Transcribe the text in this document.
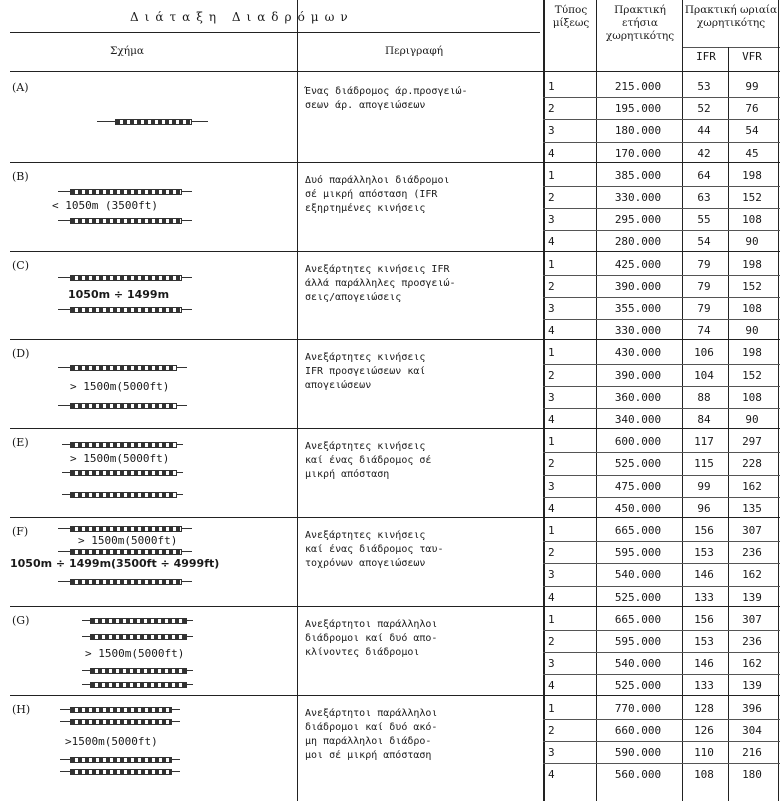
Διάταξη Διαδρόμων
Σχήμα	Περιγραφή
Τύπος μίξεως
Πρακτική ετήσια χωρητικότης
Πρακτική ωριαία χωρητικότης
IFR	VFR
(A)	Ένας διάδρομος άρ.προσγειώ-
σεων άρ. απογειώσεων
1	215.000	53	99
2	195.000	52	76
3	180.000	44	54
4	170.000	42	45
(B)	Δυό παράλληλοι διάδρομοι
σέ μικρή απόσταση (IFR
εξηρτημένες κινήσεις
< 1050m (3500ft)
1	385.000	64	198
2	330.000	63	152
3	295.000	55	108
4	280.000	54	90
(C)	Ανεξάρτητες κινήσεις IFR
άλλά παράλληλες προσγειώ-
σεις/απογειώσεις
1050m ÷ 1499m
1	425.000	79	198
2	390.000	79	152
3	355.000	79	108
4	330.000	74	90
(D)	Ανεξάρτητες κινήσεις
IFR προσγειώσεων καί
απογειώσεων
> 1500m(5000ft)
1	430.000	106	198
2	390.000	104	152
3	360.000	88	108
4	340.000	84	90
(E)	Ανεξάρτητες κινήσεις
καί ένας διάδρομος σέ
μικρή απόσταση
> 1500m(5000ft)
1	600.000	117	297
2	525.000	115	228
3	475.000	99	162
4	450.000	96	135
(F)	Ανεξάρτητες κινήσεις
καί ένας διάδρομος ταυ-
τοχρόνων απογειώσεων
> 1500m(5000ft)
1050m ÷ 1499m(3500ft ÷ 4999ft)
1	665.000	156	307
2	595.000	153	236
3	540.000	146	162
4	525.000	133	139
(G)	Ανεξάρτητοι παράλληλοι
διάδρομοι καί δυό απο-
κλίνοντες διάδρομοι
> 1500m(5000ft)
1	665.000	156	307
2	595.000	153	236
3	540.000	146	162
4	525.000	133	139
(H)	Ανεξάρτητοι παράλληλοι
διάδρομοι καί δυό ακό-
μη παράλληλοι διάδρο-
μοι σέ μικρή απόσταση
>1500m(5000ft)
1	770.000	128	396
2	660.000	126	304
3	590.000	110	216
4	560.000	108	180
